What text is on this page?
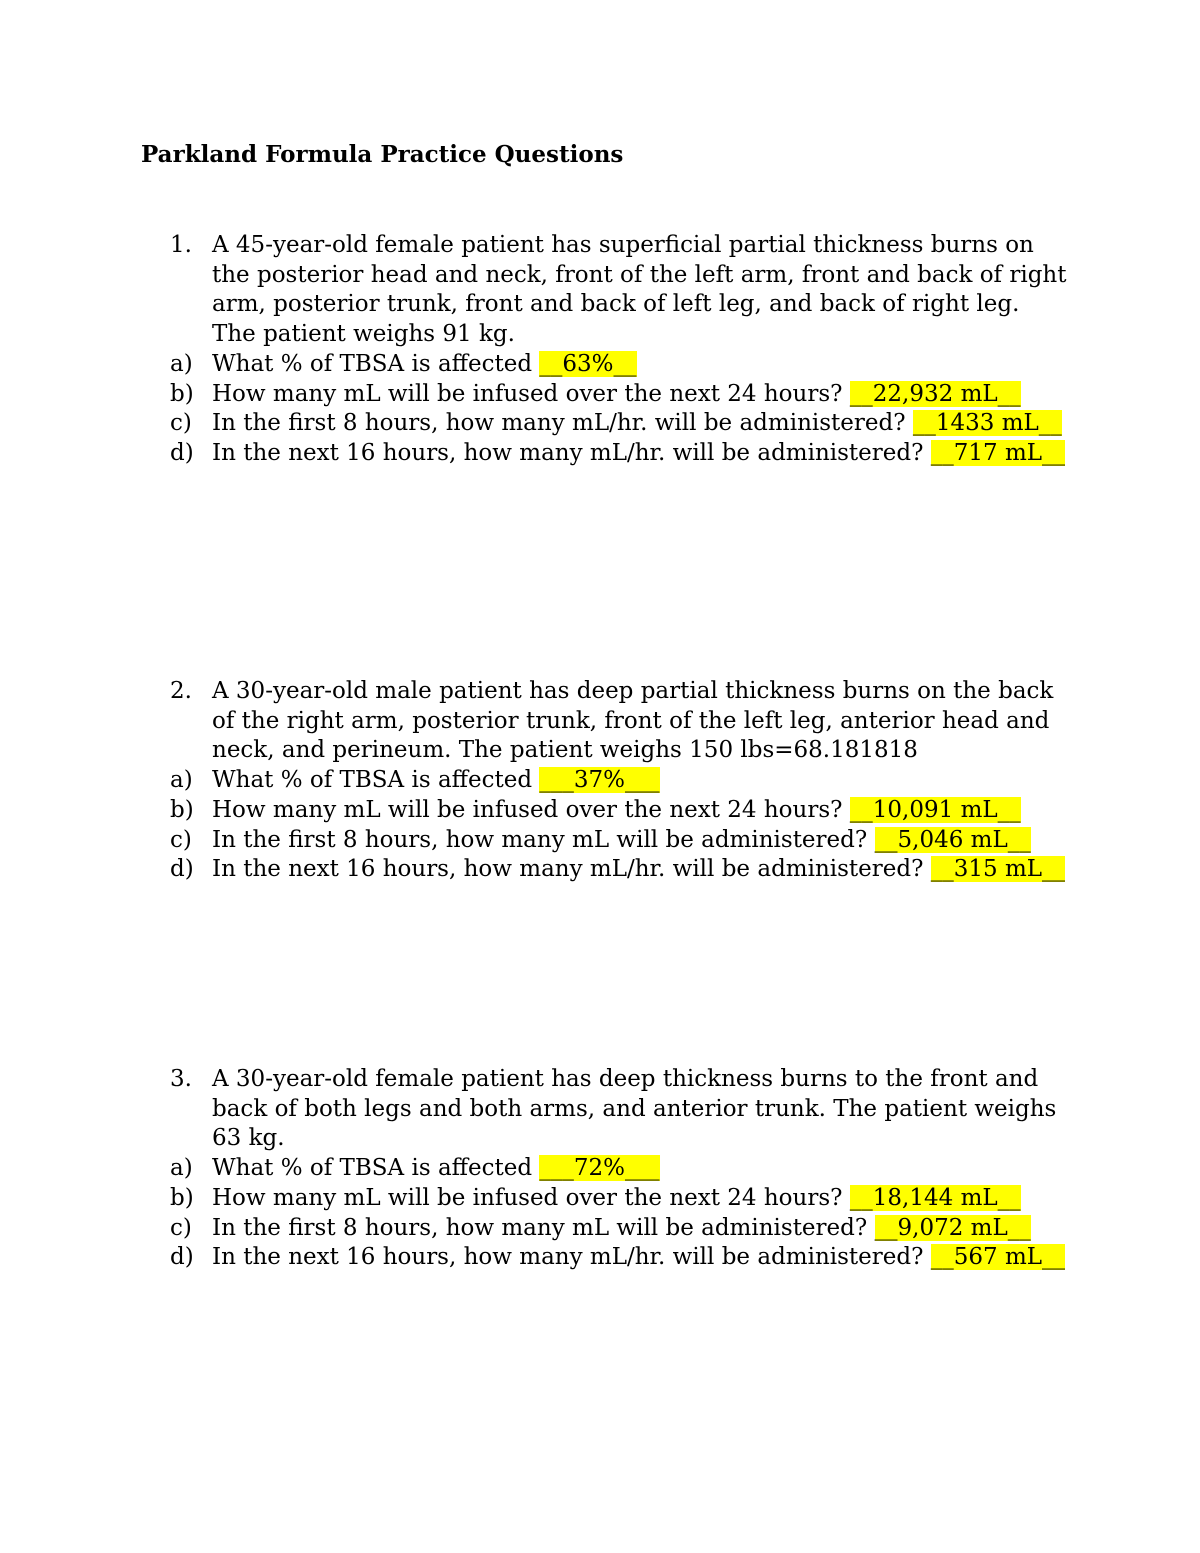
Parkland Formula Practice Questions
1. A 45-year-old female patient has superficial partial thickness burns on the posterior head and neck, front of the left arm, front and back of right arm, posterior trunk, front and back of left leg, and back of right leg. The patient weighs 91 kg.
a) What % of TBSA is affected __63%__
b) How many mL will be infused over the next 24 hours? __22,932 mL__
c) In the first 8 hours, how many mL/hr. will be administered? __1433 mL__
d) In the next 16 hours, how many mL/hr. will be administered? __717 mL__
2. A 30-year-old male patient has deep partial thickness burns on the back of the right arm, posterior trunk, front of the left leg, anterior head and neck, and perineum. The patient weighs 150 lbs=68.181818
a) What % of TBSA is affected ___37%___
b) How many mL will be infused over the next 24 hours? __10,091 mL__
c) In the first 8 hours, how many mL will be administered? __5,046 mL__
d) In the next 16 hours, how many mL/hr. will be administered? __315 mL__
3. A 30-year-old female patient has deep thickness burns to the front and back of both legs and both arms, and anterior trunk. The patient weighs 63 kg.
a) What % of TBSA is affected ___72%___
b) How many mL will be infused over the next 24 hours? __18,144 mL__
c) In the first 8 hours, how many mL will be administered? __9,072 mL__
d) In the next 16 hours, how many mL/hr. will be administered? __567 mL__
